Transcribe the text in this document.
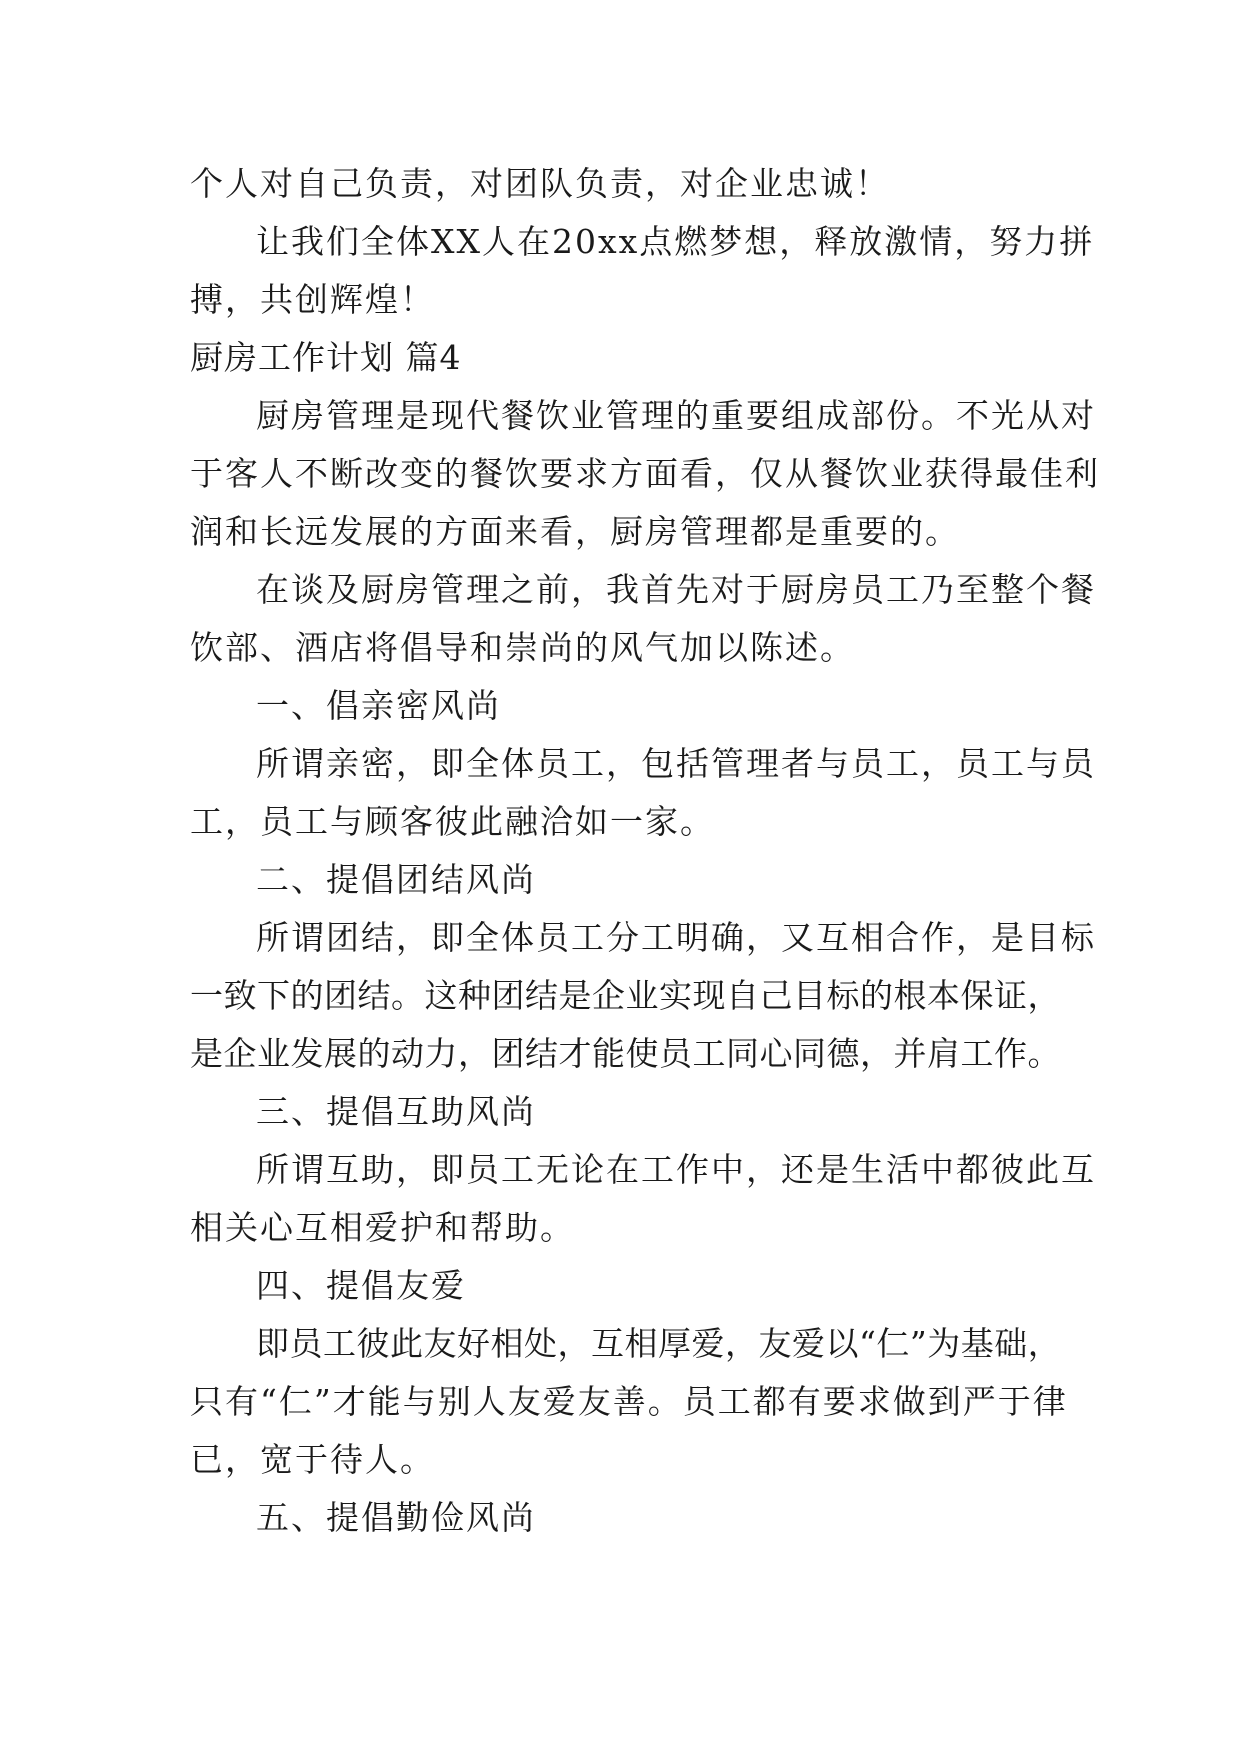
个人对自己负责，对团队负责，对企业忠诚！

让我们全体XX人在20xx点燃梦想，释放激情，努力拼

搏，共创辉煌！

厨房工作计划 篇4

厨房管理是现代餐饮业管理的重要组成部份。不光从对

于客人不断改变的餐饮要求方面看，仅从餐饮业获得最佳利

润和长远发展的方面来看，厨房管理都是重要的。

在谈及厨房管理之前，我首先对于厨房员工乃至整个餐

饮部、酒店将倡导和崇尚的风气加以陈述。

一、倡亲密风尚

所谓亲密，即全体员工，包括管理者与员工，员工与员

工，员工与顾客彼此融洽如一家。

二、提倡团结风尚

所谓团结，即全体员工分工明确，又互相合作，是目标

一致下的团结。这种团结是企业实现自己目标的根本保证，

是企业发展的动力，团结才能使员工同心同德，并肩工作。

三、提倡互助风尚

所谓互助，即员工无论在工作中，还是生活中都彼此互

相关心互相爱护和帮助。

四、提倡友爱

即员工彼此友好相处，互相厚爱，友爱以“仁”为基础，

只有“仁”才能与别人友爱友善。员工都有要求做到严于律

已，宽于待人。

五、提倡勤俭风尚
